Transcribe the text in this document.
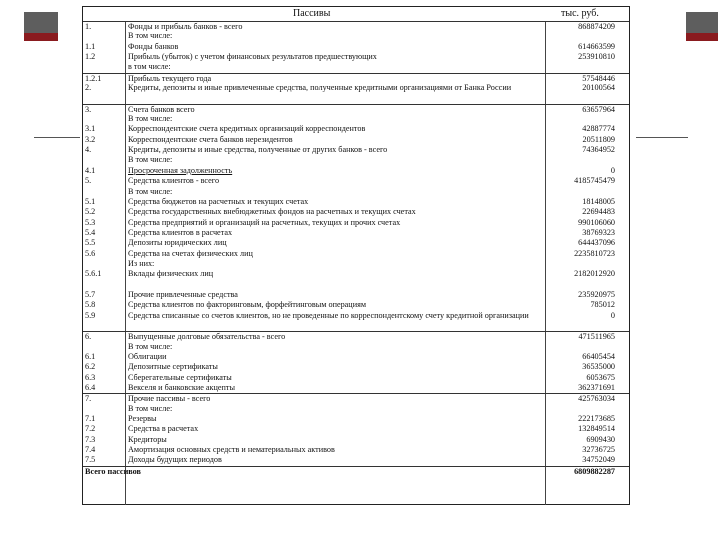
Пассивы	тыс. руб.
1.	Фонды и прибыль банков - всего	868874209
В том числе:
1.1	Фонды банков	614663599
1.2	Прибыль (убыток) с учетом финансовых результатов предшествующих	253910810
в том числе:
1.2.1	Прибыль текущего года	57548446
2.	Кредиты, депозиты и иные привлеченные средства, полученные кредитными организациями от Банка России	20100564
3.	Счета банков всего	63657964
В том числе:
3.1	Корреспондентские счета кредитных организаций корреспондентов	42887774
3.2	Корреспондентские счета банков нерезидентов	20511809
4.	Кредиты, депозиты и иные средства, полученные от других банков - всего	74364952
В том числе:
4.1	Просроченная задолженность	0
5.	Средства клиентов - всего	4185745479
В том числе:
5.1	Средства бюджетов на расчетных и текущих счетах	18148005
5.2	Средства государственных внебюджетных фондов на расчетных и текущих счетах	22694483
5.3	Средства предприятий и организаций на расчетных, текущих и прочих счетах	990106060
5.4	Средства клиентов в расчетах	38769323
5.5	Депозиты юридических лиц	644437096
5.6	Средства на счетах физических лиц	2235810723
Из них:
5.6.1	Вклады физических лиц	2182012920
5.7	Прочие привлеченные средства	235920975
5.8	Средства клиентов по факторинговым, форфейтинговым операциям	785012
5.9	Средства списанные со счетов клиентов, но не проведенные по корреспондентскому счету кредитной организации	0
6.	Выпущенные долговые обязательства - всего	471511965
В том числе:
6.1	Облигации	66405454
6.2	Депозитные сертификаты	36535000
6.3	Сберегательные сертификаты	6053675
6.4	Векселя и банковские акцепты	362371691
7.	Прочие пассивы - всего	425763034
В том числе:
7.1	Резервы	222173685
7.2	Средства в расчетах	132849514
7.3	Кредиторы	6909430
7.4	Амортизация основных средств и нематериальных активов	32736725
7.5	Доходы будущих периодов	34752049
Всего пассивов	6809882287
